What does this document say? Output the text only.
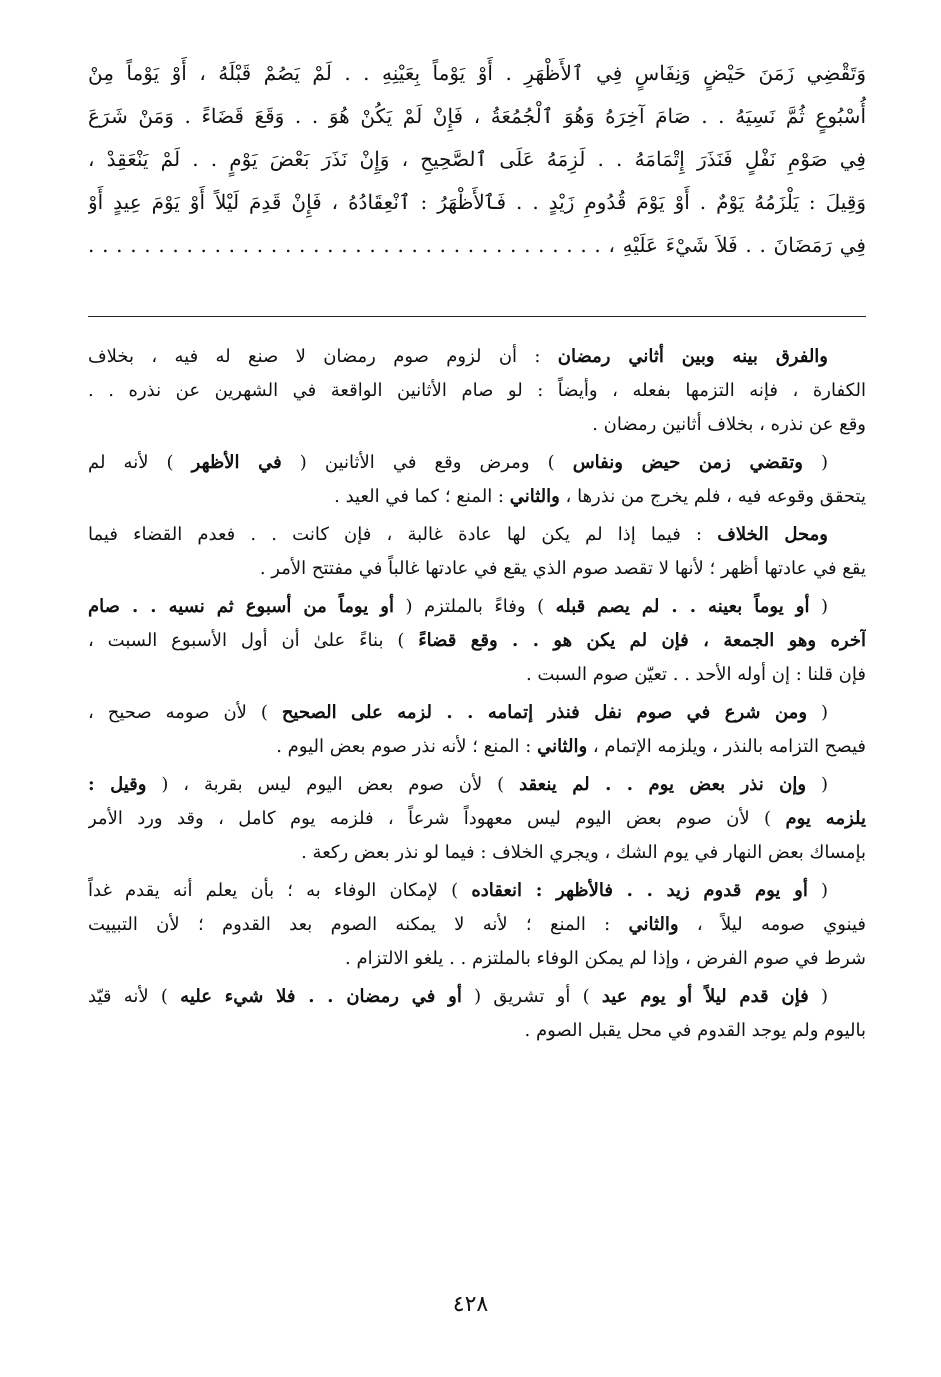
وَتَقْضِي زَمَنَ حَيْضٍ وَنِفَاسٍ فِي ٱلأَظْهَرِ . أَوْ يَوْماً بِعَيْنِهِ . . لَمْ يَصُمْ قَبْلَهُ ، أَوْ يَوْماً مِنْ
أُسْبُوعٍ ثُمَّ نَسِيَهُ . . صَامَ آخِرَهُ وَهُوَ ٱلْجُمُعَةُ ، فَإِنْ لَمْ يَكُنْ هُوَ . . وَقَعَ قَضَاءً . وَمَنْ شَرَعَ
فِي صَوْمِ نَفْلٍ فَنَذَرَ إِتْمَامَهُ . . لَزِمَهُ عَلَى ٱلصَّحِيحِ ، وَإِنْ نَذَرَ بَعْضَ يَوْمٍ . . لَمْ يَنْعَقِدْ ،
وَقِيلَ : يَلْزَمُهُ يَوْمٌ . أَوْ يَوْمَ قُدُومِ زَيْدٍ . . فَٱلأَظْهَرُ : ٱنْعِقَادُهُ ، فَإِنْ قَدِمَ لَيْلاً أَوْ يَوْمَ عِيدٍ أَوْ
فِي رَمَضَانَ . . فَلاَ شَيْءَ عَلَيْهِ ، . . . . . . . . . . . . . . . . . . . . . . . . . . . . . . . . . . . . .
والفرق بينه وبين أثاني رمضان : أن لزوم صوم رمضان لا صنع له فيه ، بخلاف
الكفارة ، فإنه التزمها بفعله ، وأيضاً : لو صام الأثانين الواقعة في الشهرين عن نذره . .
وقع عن نذره ، بخلاف أثانين رمضان .
( وتقضي زمن حيض ونفاس ) ومرض وقع في الأثانين ( في الأظهر ) لأنه لم
يتحقق وقوعه فيه ، فلم يخرج من نذرها ، والثاني : المنع ؛ كما في العيد .
ومحل الخلاف : فيما إذا لم يكن لها عادة غالبة ، فإن كانت . . فعدم القضاء فيما
يقع في عادتها أظهر ؛ لأنها لا تقصد صوم الذي يقع في عادتها غالباً في مفتتح الأمر .
( أو يوماً بعينه . . لم يصم قبله ) وفاءً بالملتزم ( أو يوماً من أسبوع ثم نسيه . . صام
آخره وهو الجمعة ، فإن لم يكن هو . . وقع قضاءً ) بناءً علىٰ أن أول الأسبوع السبت ،
فإن قلنا : إن أوله الأحد . . تعيّن صوم السبت .
( ومن شرع في صوم نفل فنذر إتمامه . . لزمه على الصحيح ) لأن صومه صحيح ،
فيصح التزامه بالنذر ، ويلزمه الإتمام ، والثاني : المنع ؛ لأنه نذر صوم بعض اليوم .
( وإن نذر بعض يوم . . لم ينعقد ) لأن صوم بعض اليوم ليس بقربة ، ( وقيل :
يلزمه يوم ) لأن صوم بعض اليوم ليس معهوداً شرعاً ، فلزمه يوم كامل ، وقد ورد الأمر
بإمساك بعض النهار في يوم الشك ، ويجري الخلاف : فيما لو نذر بعض ركعة .
( أو يوم قدوم زيد . . فالأظهر : انعقاده ) لإمكان الوفاء به ؛ بأن يعلم أنه يقدم غداً
فينوي صومه ليلاً ، والثاني : المنع ؛ لأنه لا يمكنه الصوم بعد القدوم ؛ لأن التبييت
شرط في صوم الفرض ، وإذا لم يمكن الوفاء بالملتزم . . يلغو الالتزام .
( فإن قدم ليلاً أو يوم عيد ) أو تشريق ( أو في رمضان . . فلا شيء عليه ) لأنه قيّد
باليوم ولم يوجد القدوم في محل يقبل الصوم .
٤٢٨
